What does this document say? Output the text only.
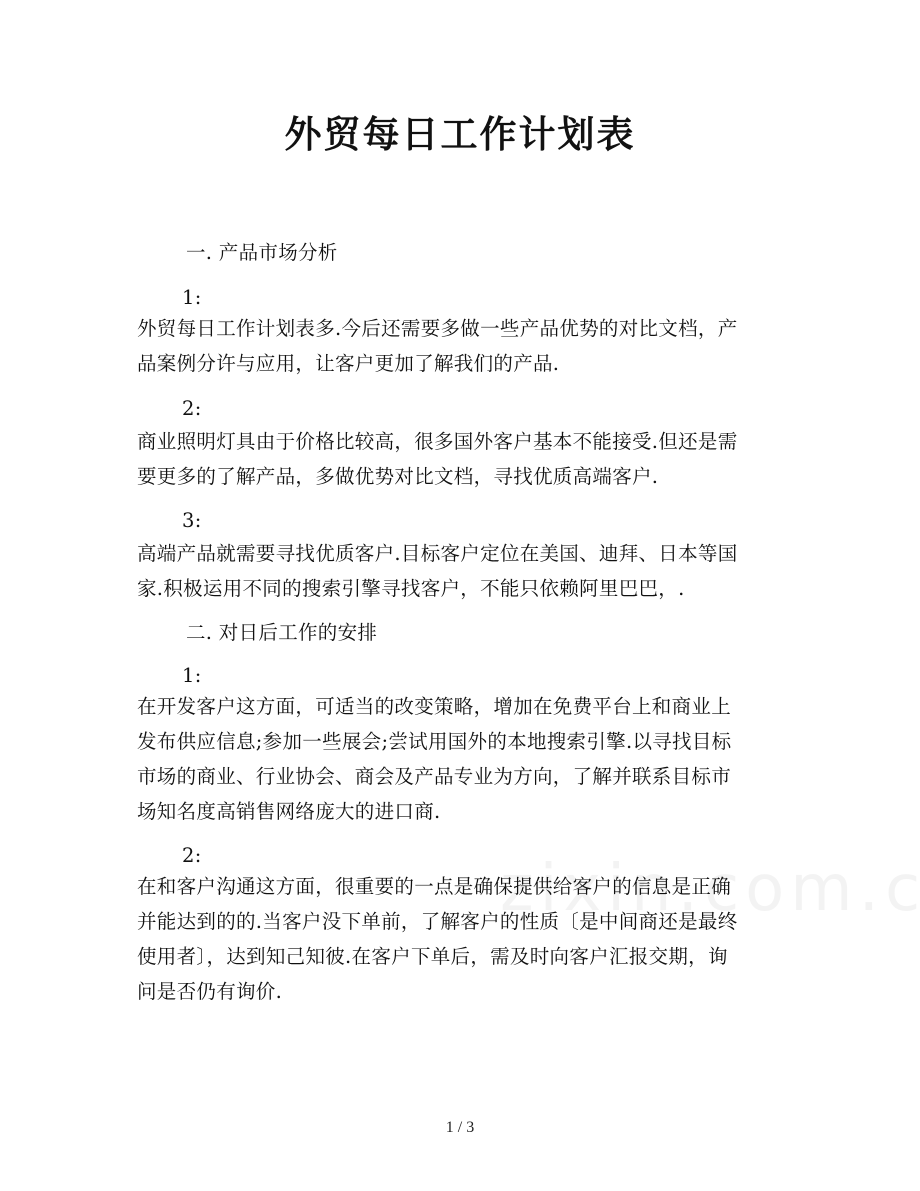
外贸每日工作计划表
一. 产品市场分析
1:
外贸每日工作计划表多.今后还需要多做一些产品优势的对比文档，产
品案例分许与应用，让客户更加了解我们的产品.
2:
商业照明灯具由于价格比较高，很多国外客户基本不能接受.但还是需
要更多的了解产品，多做优势对比文档，寻找优质高端客户.
3:
高端产品就需要寻找优质客户.目标客户定位在美国、迪拜、日本等国
家.积极运用不同的搜索引擎寻找客户，不能只依赖阿里巴巴，.
二. 对日后工作的安排
1:
在开发客户这方面，可适当的改变策略，增加在免费平台上和商业上
发布供应信息;参加一些展会;尝试用国外的本地搜索引擎.以寻找目标
市场的商业、行业协会、商会及产品专业为方向，了解并联系目标市
场知名度高销售网络庞大的进口商.
2:
在和客户沟通这方面，很重要的一点是确保提供给客户的信息是正确
并能达到的的.当客户没下单前，了解客户的性质〔是中间商还是最终
使用者〕，达到知己知彼.在客户下单后，需及时向客户汇报交期，询
问是否仍有询价.
1 / 3
